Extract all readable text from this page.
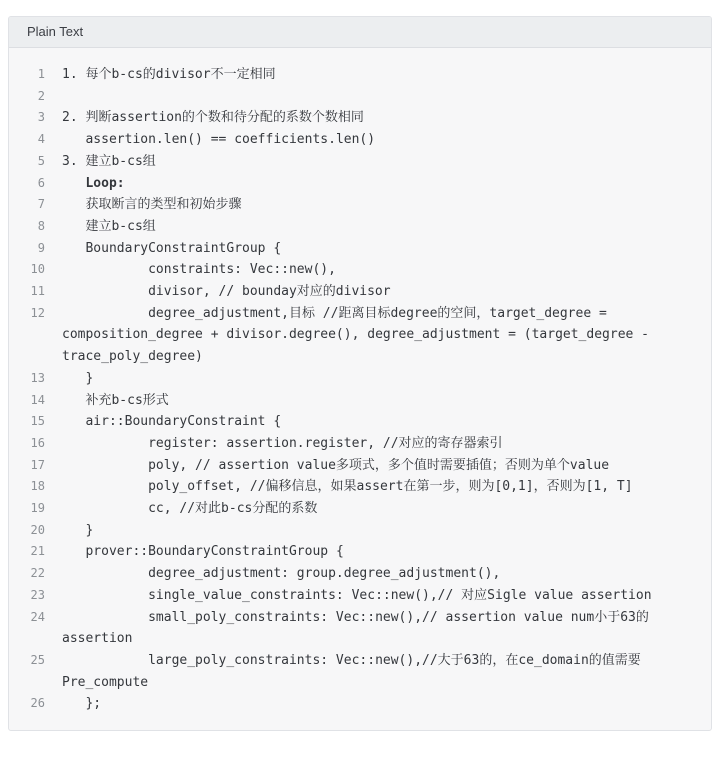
Plain Text
1 1. 每个b-cs的divisor不一定相同
2
3 2. 判断assertion的个数和待分配的系数个数相同
4 assertion.len() == coefficients.len()
5 3. 建立b-cs组
6 Loop:
7 获取断言的类型和初始步骤
8 建立b-cs组
9 BoundaryConstraintGroup {
10 constraints: Vec::new(),
11 divisor, // bounday对应的divisor
12 degree_adjustment,目标 //距离目标degree的空间，target_degree = composition_degree + divisor.degree(), degree_adjustment = (target_degree - trace_poly_degree)
13 }
14 补充b-cs形式
15 air::BoundaryConstraint {
16 register: assertion.register, //对应的寄存器索引
17 poly, // assertion value多项式，多个值时需要插值；否则为单个value
18 poly_offset, //偏移信息，如果assert在第一步，则为[0,1]，否则为[1, T]
19 cc, //对此b-cs分配的系数
20 }
21 prover::BoundaryConstraintGroup {
22 degree_adjustment: group.degree_adjustment(),
23 single_value_constraints: Vec::new(),// 对应Sigle value assertion
24 small_poly_constraints: Vec::new(),// assertion value num小于63的assertion
25 large_poly_constraints: Vec::new(),//大于63的，在ce_domain的值需要Pre_compute
26 };
